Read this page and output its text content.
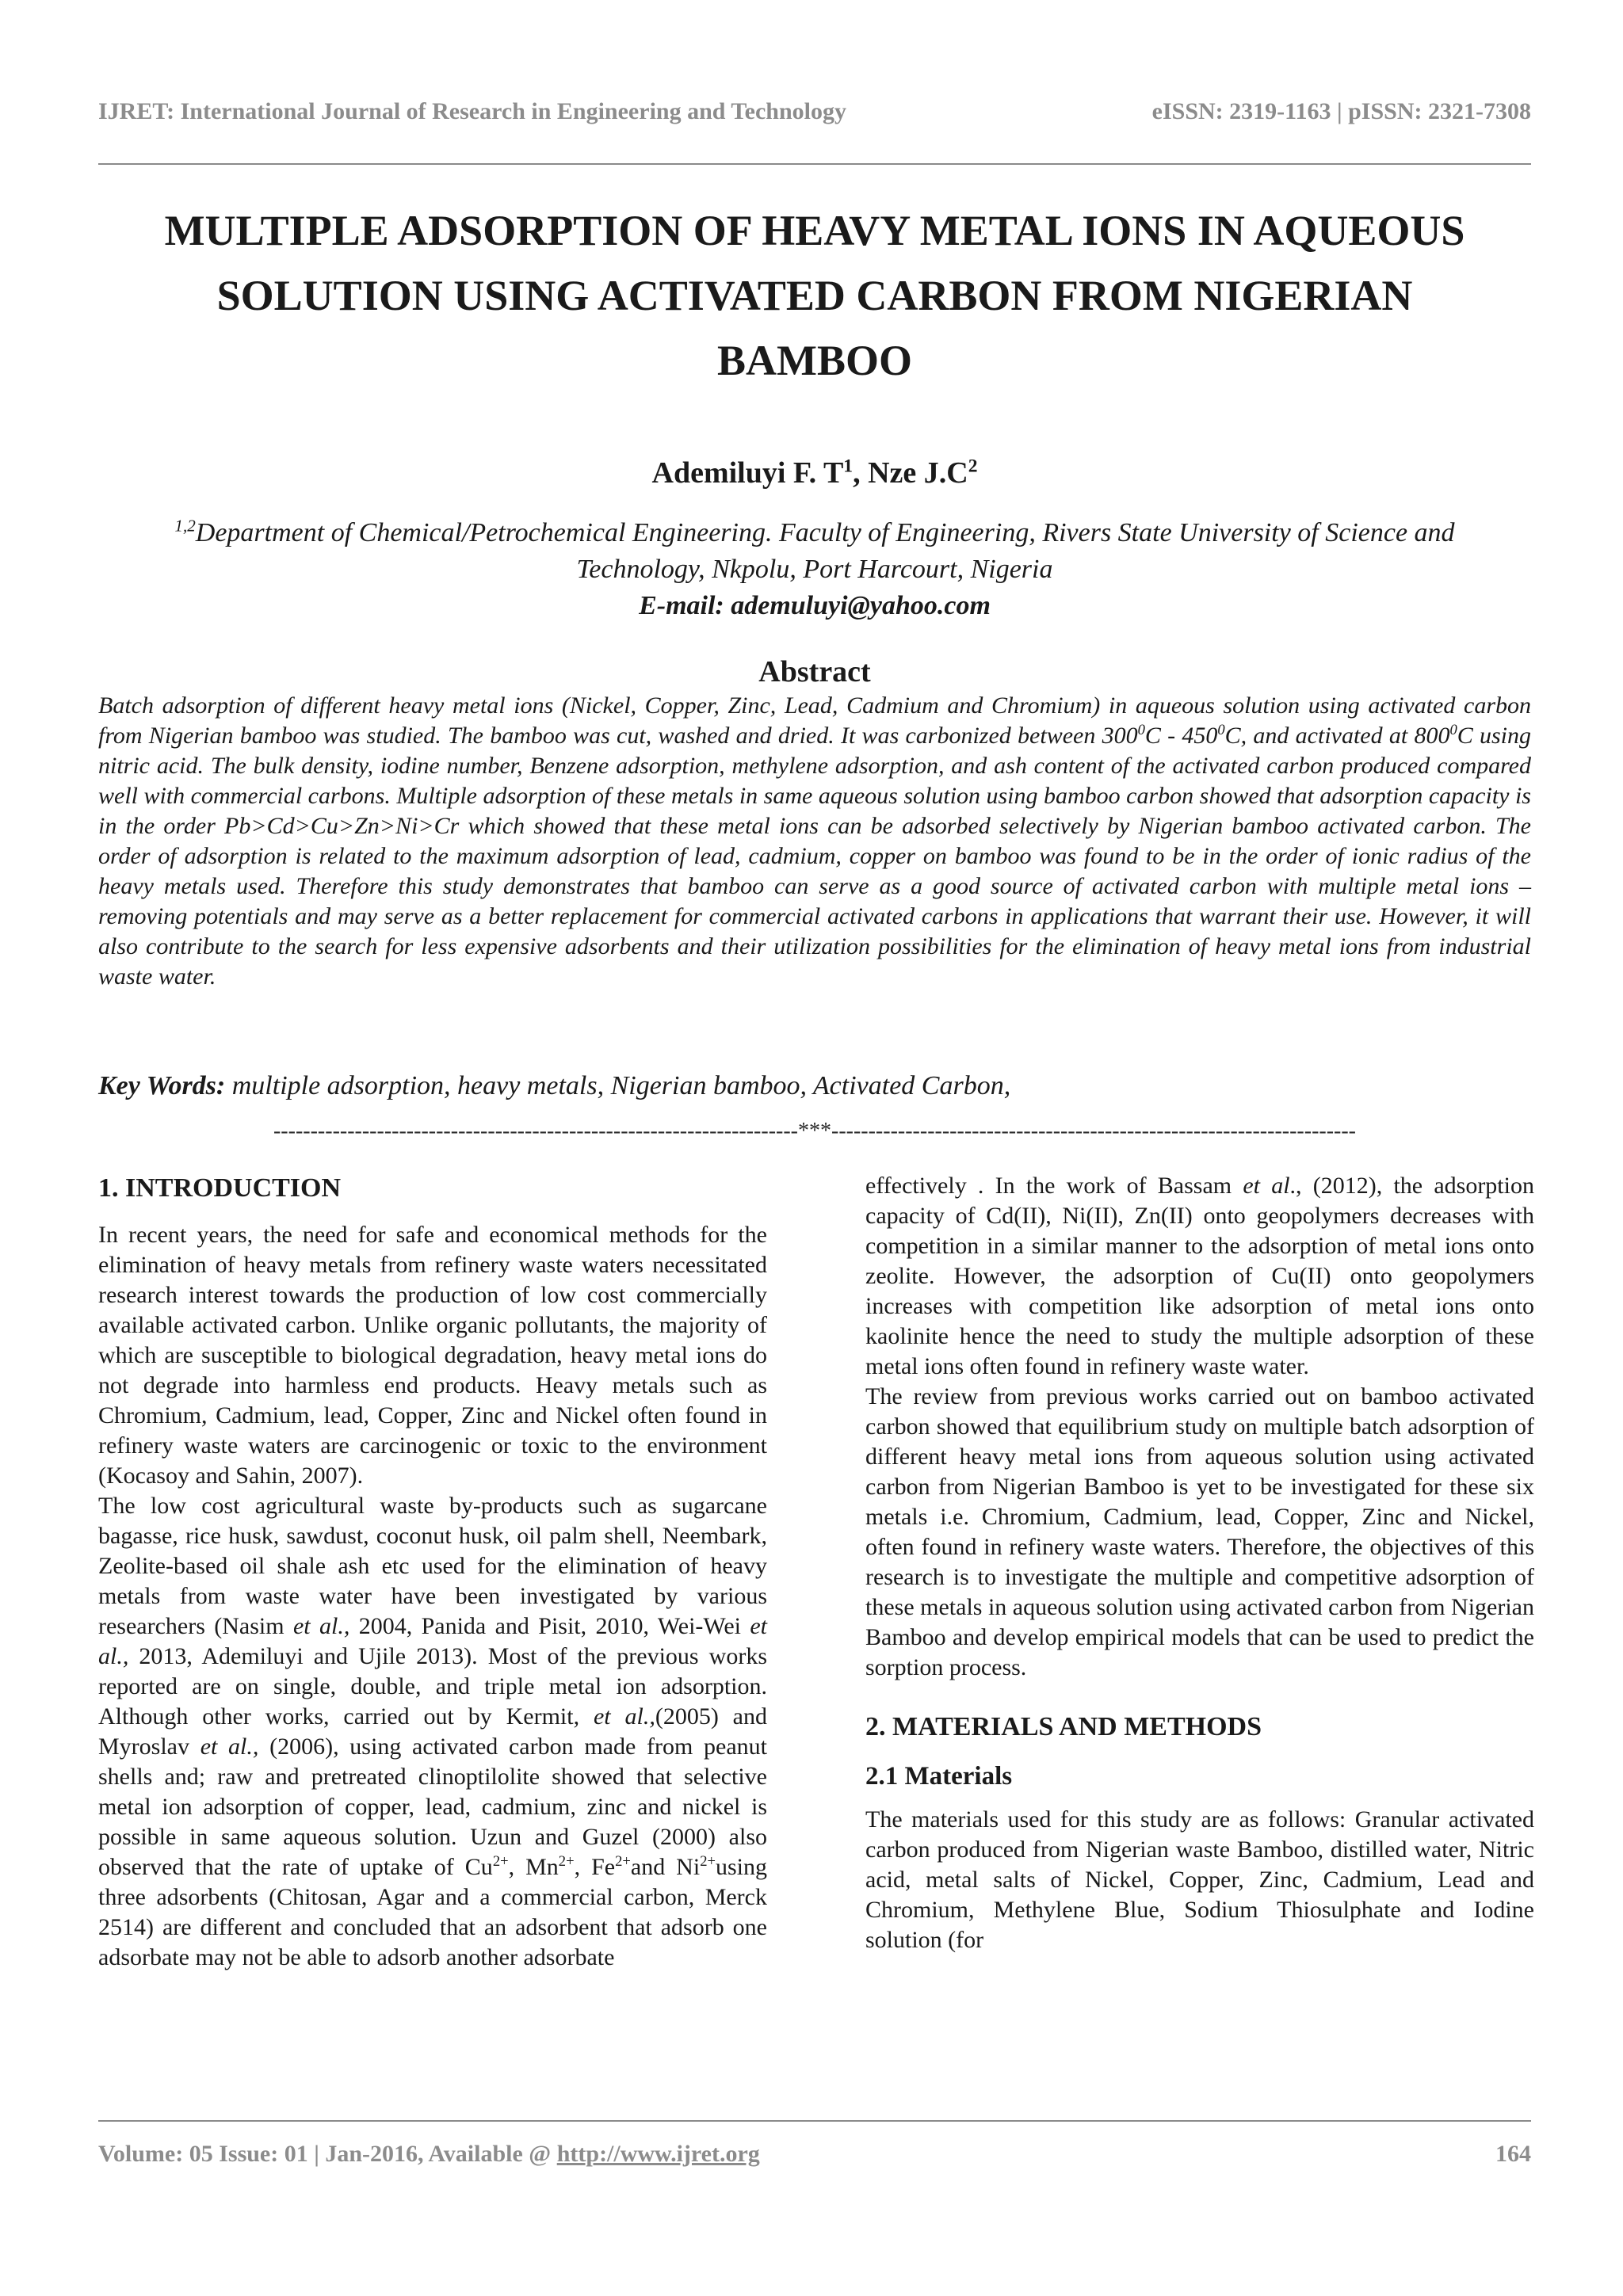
IJRET: International Journal of Research in Engineering and Technology	eISSN: 2319-1163 | pISSN: 2321-7308
MULTIPLE ADSORPTION OF HEAVY METAL IONS IN AQUEOUS
SOLUTION USING ACTIVATED CARBON FROM NIGERIAN
BAMBOO
Ademiluyi F. $T^1$, Nze $J.C^2$
$^{1,2}$Department of Chemical/Petrochemical Engineering. Faculty of Engineering, Rivers State University of Science and
Technology, Nkpolu, Port Harcourt, Nigeria
E-mail: ademuluyi@yahoo.com
Abstract

Batch adsorption of different heavy metal ions (Nickel, Copper, Zinc, Lead, Cadmium and Chromium) in aqueous solution using activated carbon from Nigerian bamboo was studied. The bamboo was cut, washed and dried. It was carbonized between $300^0C - 450^0C$, and activated at $800^0C$ using nitric acid. The bulk density, iodine number, Benzene adsorption, methylene adsorption, and ash content of the activated carbon produced compared well with commercial carbons. Multiple adsorption of these metals in same aqueous solution using bamboo carbon showed that adsorption capacity is in the order Pb>Cd>Cu>Zn>Ni>Cr which showed that these metal ions can be adsorbed selectively by Nigerian bamboo activated carbon. The order of adsorption is related to the maximum adsorption of lead, cadmium, copper on bamboo was found to be in the order of ionic radius of the heavy metals used. Therefore this study demonstrates that bamboo can serve as a good source of activated carbon with multiple metal ions – removing potentials and may serve as a better replacement for commercial activated carbons in applications that warrant their use. However, it will also contribute to the search for less expensive adsorbents and their utilization possibilities for the elimination of heavy metal ions from industrial waste water.

Key Words: multiple adsorption, heavy metals, Nigerian bamboo, Activated Carbon,
-----------------------------------------------------------------------***-----------------------------------------------------------------------
1. INTRODUCTION

In recent years, the need for safe and economical methods for the elimination of heavy metals from refinery waste waters necessitated research interest towards the production of low cost commercially available activated carbon. Unlike organic pollutants, the majority of which are susceptible to biological degradation, heavy metal ions do not degrade into harmless end products. Heavy metals such as Chromium, Cadmium, lead, Copper, Zinc and Nickel often found in refinery waste waters are carcinogenic or toxic to the environment (Kocasoy and Sahin, 2007).

The low cost agricultural waste by-products such as sugarcane bagasse, rice husk, sawdust, coconut husk, oil palm shell, Neembark, Zeolite-based oil shale ash etc used for the elimination of heavy metals from waste water have been investigated by various researchers (Nasim et al., 2004, Panida and Pisit, 2010, Wei-Wei et al., 2013, Ademiluyi and Ujile 2013). Most of the previous works reported are on single, double, and triple metal ion adsorption. Although other works, carried out by Kermit, et al.,(2005) and Myroslav et al., (2006), using activated carbon made from peanut shells and; raw and pretreated clinoptilolite showed that selective metal ion adsorption of copper, lead, cadmium, zinc and nickel is possible in same aqueous solution. Uzun and Guzel (2000) also observed that the rate of uptake of $Cu^{2+}$, $Mn^{2+}$, $Fe^{2+}and$ $Ni^{2+}using$ three adsorbents (Chitosan, Agar and a commercial carbon, Merck 2514) are different and concluded that an adsorbent that adsorb one adsorbate may not be able to adsorb another adsorbate

effectively . In the work of Bassam et al., (2012), the adsorption capacity of Cd(II), Ni(II), Zn(II) onto geopolymers decreases with competition in a similar manner to the adsorption of metal ions onto zeolite. However, the adsorption of Cu(II) onto geopolymers increases with competition like adsorption of metal ions onto kaolinite hence the need to study the multiple adsorption of these metal ions often found in refinery waste water.

The review from previous works carried out on bamboo activated carbon showed that equilibrium study on multiple batch adsorption of different heavy metal ions from aqueous solution using activated carbon from Nigerian Bamboo is yet to be investigated for these six metals i.e. Chromium, Cadmium, lead, Copper, Zinc and Nickel, often found in refinery waste waters. Therefore, the objectives of this research is to investigate the multiple and competitive adsorption of these metals in aqueous solution using activated carbon from Nigerian Bamboo and develop empirical models that can be used to predict the sorption process.

2. MATERIALS AND METHODS
2.1 Materials

The materials used for this study are as follows: Granular activated carbon produced from Nigerian waste Bamboo, distilled water, Nitric acid, metal salts of Nickel, Copper, Zinc, Cadmium, Lead and Chromium, Methylene Blue, Sodium Thiosulphate and Iodine solution (for

Volume: 05 Issue: 01 | Jan-2016, Available @ http://www.ijret.org	164
